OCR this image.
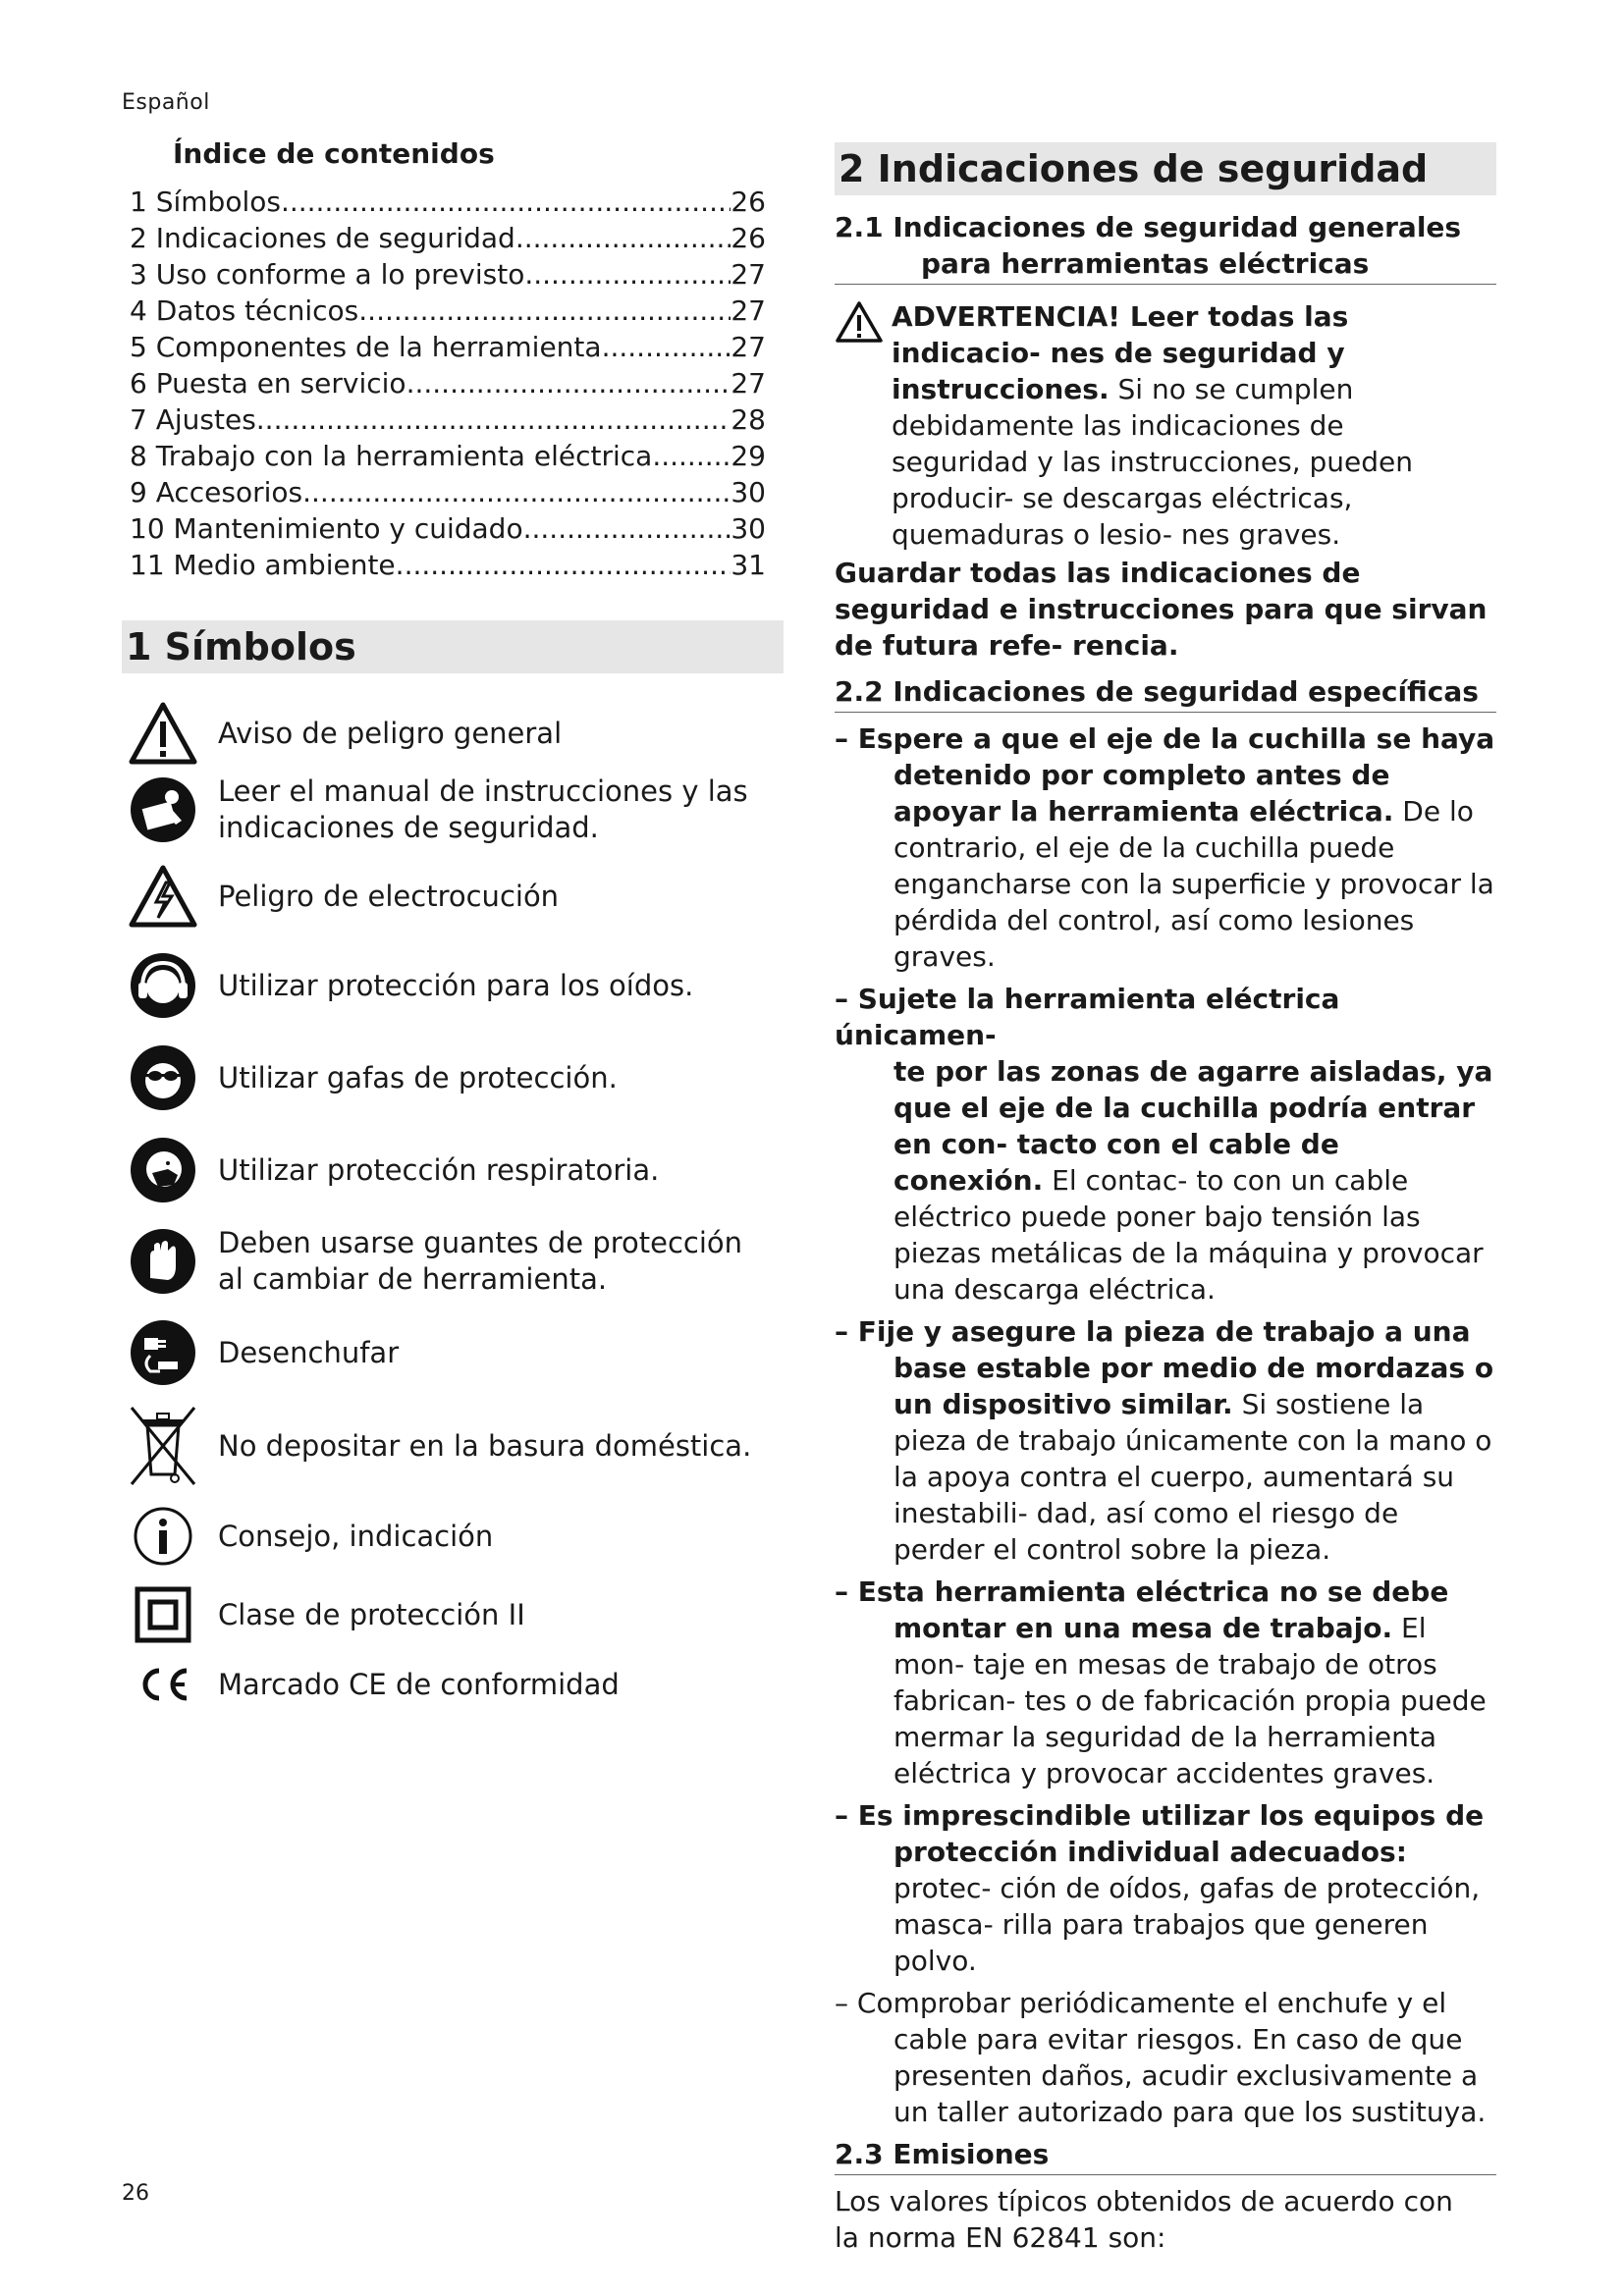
Español
Índice de contenidos
1 Símbolos .....	26
2 Indicaciones de seguridad .....	26
3 Uso conforme a lo previsto .....	27
4 Datos técnicos .....	27
5 Componentes de la herramienta .....	27
6 Puesta en servicio .....	27
7 Ajustes .....	28
8 Trabajo con la herramienta eléctrica .....	29
9 Accesorios .....	30
10 Mantenimiento y cuidado .....	30
11 Medio ambiente .....	31
1 Símbolos
Aviso de peligro general
Leer el manual de instrucciones y las indicaciones de seguridad.
Peligro de electrocución
Utilizar protección para los oídos.
Utilizar gafas de protección.
Utilizar protección respiratoria.
Deben usarse guantes de protección al cambiar de herramienta.
Desenchufar
No depositar en la basura doméstica.
Consejo, indicación
Clase de protección II
Marcado CE de conformidad
2 Indicaciones de seguridad
2.1 Indicaciones de seguridad generales
para herramientas eléctricas

ADVERTENCIA! Leer todas las indicacio- nes de seguridad y instrucciones. Si no se cumplen debidamente las indicaciones de seguridad y las instrucciones, pueden producir- se descargas eléctricas, quemaduras o lesio- nes graves.

Guardar todas las indicaciones de seguridad e instrucciones para que sirvan de futura refe- rencia.

2.2 Indicaciones de seguridad específicas
– Espere a que el eje de la cuchilla se haya
detenido por completo antes de apoyar la herramienta eléctrica. De lo contrario, el eje de la cuchilla puede engancharse con la superficie y provocar la pérdida del control, así como lesiones graves.
– Sujete la herramienta eléctrica únicamen-
te por las zonas de agarre aisladas, ya que el eje de la cuchilla podría entrar en con- tacto con el cable de conexión. El contac- to con un cable eléctrico puede poner bajo tensión las piezas metálicas de la máquina y provocar una descarga eléctrica.
– Fije y asegure la pieza de trabajo a una
base estable por medio de mordazas o un dispositivo similar. Si sostiene la pieza de trabajo únicamente con la mano o la apoya contra el cuerpo, aumentará su inestabili- dad, así como el riesgo de perder el control sobre la pieza.
– Esta herramienta eléctrica no se debe
montar en una mesa de trabajo. El mon- taje en mesas de trabajo de otros fabrican- tes o de fabricación propia puede mermar la seguridad de la herramienta eléctrica y provocar accidentes graves.
– Es imprescindible utilizar los equipos de
protección individual adecuados: protec- ción de oídos, gafas de protección, masca- rilla para trabajos que generen polvo.
– Comprobar periódicamente el enchufe y el
cable para evitar riesgos. En caso de que presenten daños, acudir exclusivamente a un taller autorizado para que los sustituya.
2.3 Emisiones

Los valores típicos obtenidos de acuerdo con la norma EN 62841 son:

26
